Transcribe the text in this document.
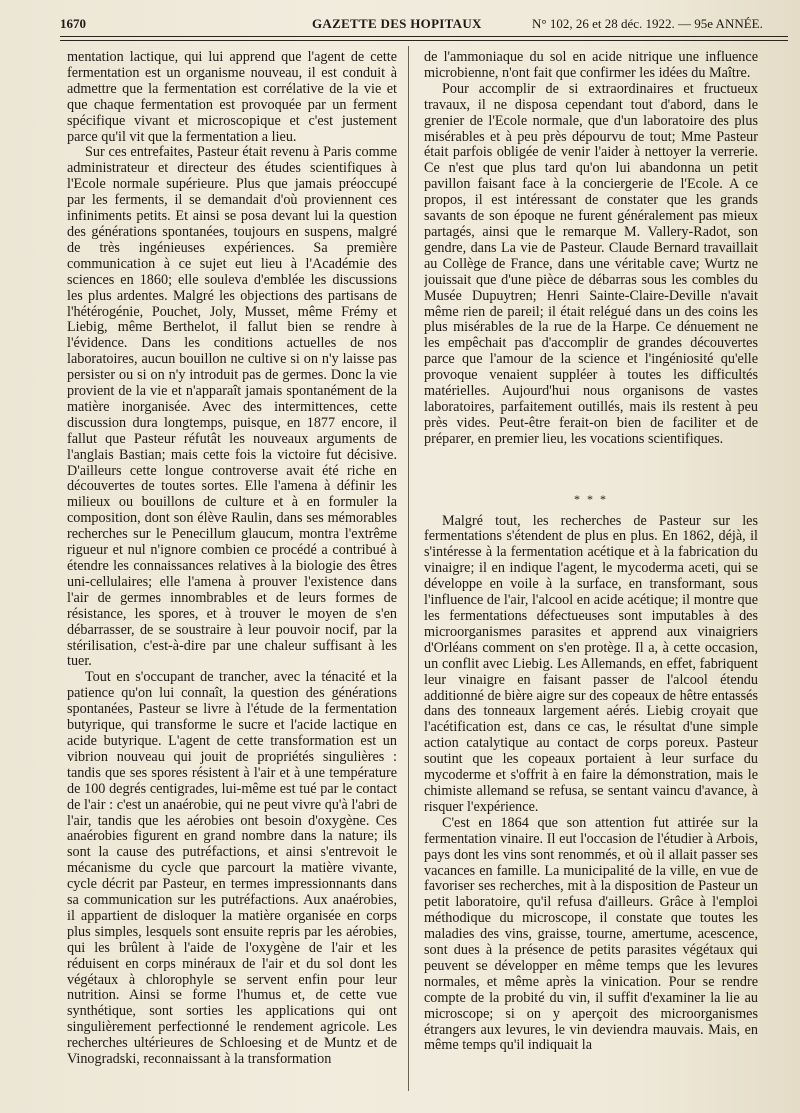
1670	GAZETTE DES HOPITAUX	N° 102, 26 et 28 déc. 1922. — 95e ANNÉE.

mentation lactique, qui lui apprend que l'agent de cette fermentation est un organisme nouveau, il est conduit à admettre que la fermentation est corrélative de la vie et que chaque fermentation est provoquée par un ferment spécifique vivant et microscopique et c'est justement parce qu'il vit que la fermentation a lieu.

Sur ces entrefaites, Pasteur était revenu à Paris comme administrateur et directeur des études scientifiques à l'Ecole normale supérieure. Plus que jamais préoccupé par les ferments, il se demandait d'où proviennent ces infiniments petits. Et ainsi se posa devant lui la question des générations spontanées, toujours en suspens, malgré de très ingénieuses expériences. Sa première communication à ce sujet eut lieu à l'Académie des sciences en 1860; elle souleva d'emblée les discussions les plus ardentes. Malgré les objections des partisans de l'hétérogénie, Pouchet, Joly, Musset, même Frémy et Liebig, même Berthelot, il fallut bien se rendre à l'évidence. Dans les conditions actuelles de nos laboratoires, aucun bouillon ne cultive si on n'y laisse pas persister ou si on n'y introduit pas de germes. Donc la vie provient de la vie et n'apparaît jamais spontanément de la matière inorganisée. Avec des intermittences, cette discussion dura longtemps, puisque, en 1877 encore, il fallut que Pasteur réfutât les nouveaux arguments de l'anglais Bastian; mais cette fois la victoire fut décisive. D'ailleurs cette longue controverse avait été riche en découvertes de toutes sortes. Elle l'amena à définir les milieux ou bouillons de culture et à en formuler la composition, dont son élève Raulin, dans ses mémorables recherches sur le Penecillum glaucum, montra l'extrême rigueur et nul n'ignore combien ce procédé a contribué à étendre les connaissances relatives à la biologie des êtres uni-cellulaires; elle l'amena à prouver l'existence dans l'air de germes innombrables et de leurs formes de résistance, les spores, et à trouver le moyen de s'en débarrasser, de se soustraire à leur pouvoir nocif, par la stérilisation, c'est-à-dire par une chaleur suffisant à les tuer.

Tout en s'occupant de trancher, avec la ténacité et la patience qu'on lui connaît, la question des générations spontanées, Pasteur se livre à l'étude de la fermentation butyrique, qui transforme le sucre et l'acide lactique en acide butyrique. L'agent de cette transformation est un vibrion nouveau qui jouit de propriétés singulières : tandis que ses spores résistent à l'air et à une température de 100 degrés centigrades, lui-même est tué par le contact de l'air : c'est un anaérobie, qui ne peut vivre qu'à l'abri de l'air, tandis que les aérobies ont besoin d'oxygène. Ces anaérobies figurent en grand nombre dans la nature; ils sont la cause des putréfactions, et ainsi s'entrevoit le mécanisme du cycle que parcourt la matière vivante, cycle décrit par Pasteur, en termes impressionnants dans sa communication sur les putréfactions. Aux anaérobies, il appartient de disloquer la matière organisée en corps plus simples, lesquels sont ensuite repris par les aérobies, qui les brûlent à l'aide de l'oxygène de l'air et les réduisent en corps minéraux de l'air et du sol dont les végétaux à chlorophyle se servent enfin pour leur nutrition. Ainsi se forme l'humus et, de cette vue synthétique, sont sorties les applications qui ont singulièrement perfectionné le rendement agricole. Les recherches ultérieures de Schloesing et de Muntz et de Vinogradski, reconnaissant à la transformation

de l'ammoniaque du sol en acide nitrique une influence microbienne, n'ont fait que confirmer les idées du Maître.

Pour accomplir de si extraordinaires et fructueux travaux, il ne disposa cependant tout d'abord, dans le grenier de l'Ecole normale, que d'un laboratoire des plus misérables et à peu près dépourvu de tout; Mme Pasteur était parfois obligée de venir l'aider à nettoyer la verrerie. Ce n'est que plus tard qu'on lui abandonna un petit pavillon faisant face à la conciergerie de l'Ecole. A ce propos, il est intéressant de constater que les grands savants de son époque ne furent généralement pas mieux partagés, ainsi que le remarque M. Vallery-Radot, son gendre, dans La vie de Pasteur. Claude Bernard travaillait au Collège de France, dans une véritable cave; Wurtz ne jouissait que d'une pièce de débarras sous les combles du Musée Dupuytren; Henri Sainte-Claire-Deville n'avait même rien de pareil; il était relégué dans un des coins les plus misérables de la rue de la Harpe. Ce dénuement ne les empêchait pas d'accomplir de grandes découvertes parce que l'amour de la science et l'ingéniosité qu'elle provoque venaient suppléer à toutes les difficultés matérielles. Aujourd'hui nous organisons de vastes laboratoires, parfaitement outillés, mais ils restent à peu près vides. Peut-être ferait-on bien de faciliter et de préparer, en premier lieu, les vocations scientifiques.

* * *

Malgré tout, les recherches de Pasteur sur les fermentations s'étendent de plus en plus. En 1862, déjà, il s'intéresse à la fermentation acétique et à la fabrication du vinaigre; il en indique l'agent, le mycoderma aceti, qui se développe en voile à la surface, en transformant, sous l'influence de l'air, l'alcool en acide acétique; il montre que les fermentations défectueuses sont imputables à des microorganismes parasites et apprend aux vinaigriers d'Orléans comment on s'en protège. Il a, à cette occasion, un conflit avec Liebig. Les Allemands, en effet, fabriquent leur vinaigre en faisant passer de l'alcool étendu additionné de bière aigre sur des copeaux de hêtre entassés dans des tonneaux largement aérés. Liebig croyait que l'acétification est, dans ce cas, le résultat d'une simple action catalytique au contact de corps poreux. Pasteur soutint que les copeaux portaient à leur surface du mycoderme et s'offrit à en faire la démonstration, mais le chimiste allemand se refusa, se sentant vaincu d'avance, à risquer l'expérience.

C'est en 1864 que son attention fut attirée sur la fermentation vinaire. Il eut l'occasion de l'étudier à Arbois, pays dont les vins sont renommés, et où il allait passer ses vacances en famille. La municipalité de la ville, en vue de favoriser ses recherches, mit à la disposition de Pasteur un petit laboratoire, qu'il refusa d'ailleurs. Grâce à l'emploi méthodique du microscope, il constate que toutes les maladies des vins, graisse, tourne, amertume, acescence, sont dues à la présence de petits parasites végétaux qui peuvent se développer en même temps que les levures normales, et même après la vinication. Pour se rendre compte de la probité du vin, il suffit d'examiner la lie au microscope; si on y aperçoit des microorganismes étrangers aux levures, le vin deviendra mauvais. Mais, en même temps qu'il indiquait la
